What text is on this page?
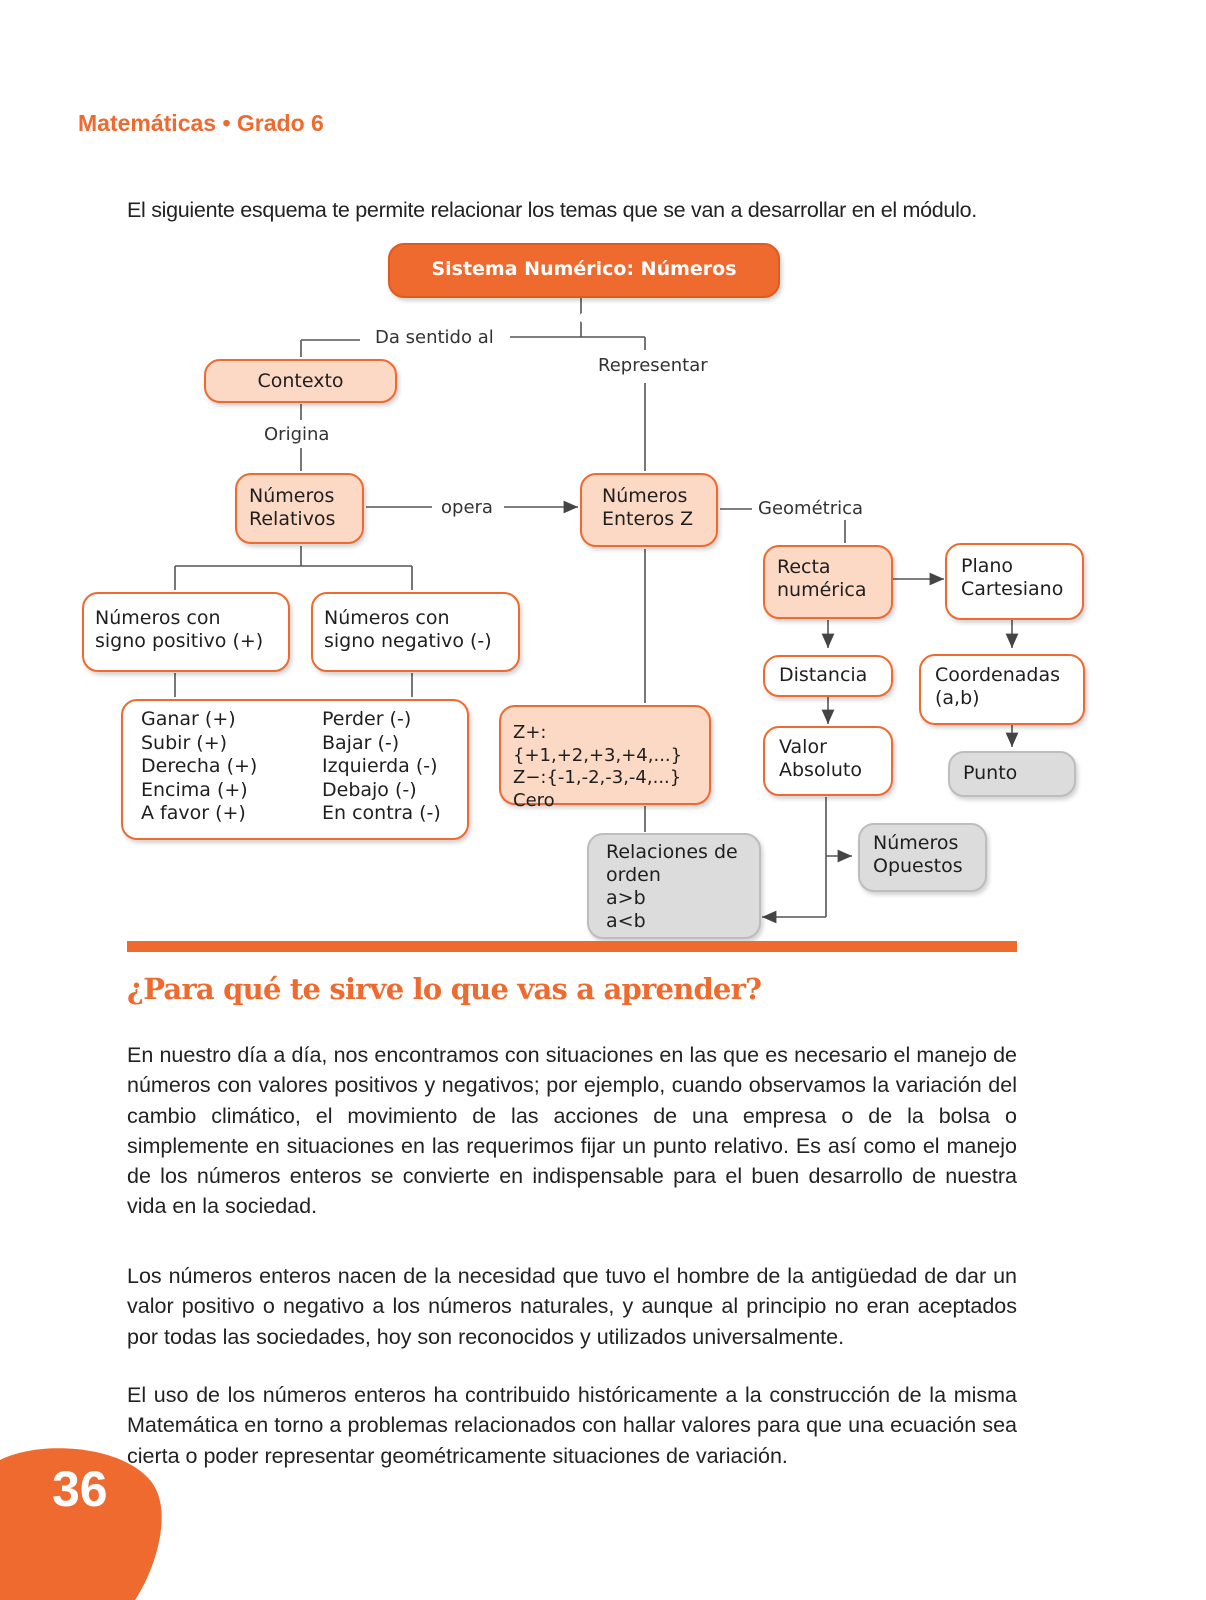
Matemáticas • Grado 6
El siguiente esquema te permite relacionar los temas que se van a desarrollar en el módulo.
Sistema Numérico: Números Enteros
Da sentido al
Representar
Origina
opera	Geométrica
Contexto
Números
Relativos
Números
Enteros Z
Números con
signo positivo (+)
Números con
signo negativo (-)

Ganar (+)
Subir (+)
Derecha (+)
Encima (+)
A favor (+)

Perder (-)
Bajar (-)
Izquierda (-)
Debajo (-)
En contra (-)

Z+:{+1,+2,+3,+4,...}
Z−:{-1,-2,-3,-4,...}
Cero
Relaciones de
orden
a>b
a<b
Recta
numérica
Plano
Cartesiano
Distancia	Coordenadas
(a,b)
Valor
Absoluto	Punto
Números
Opuestos
¿Para qué te sirve lo que vas a aprender?

En nuestro día a día, nos encontramos con situaciones en las que es necesario el manejo de números con valores positivos y negativos; por ejemplo, cuando observamos la variación del cambio climático, el movimiento de las acciones de una empresa o de la bolsa o simplemente en situaciones en las requerimos fijar un punto relativo. Es así como el manejo de los números enteros se convierte en indispensable para el buen desarrollo de nuestra vida en la sociedad.

Los números enteros nacen de la necesidad que tuvo el hombre de la antigüedad de dar un valor positivo o negativo a los números naturales, y aunque al principio no eran aceptados por todas las sociedades, hoy son reconocidos y utilizados universalmente.

El uso de los números enteros ha contribuido históricamente a la construcción de la misma Matemática en torno a problemas relacionados con hallar valores para que una ecuación sea cierta o poder representar geométricamente situaciones de variación.

36
